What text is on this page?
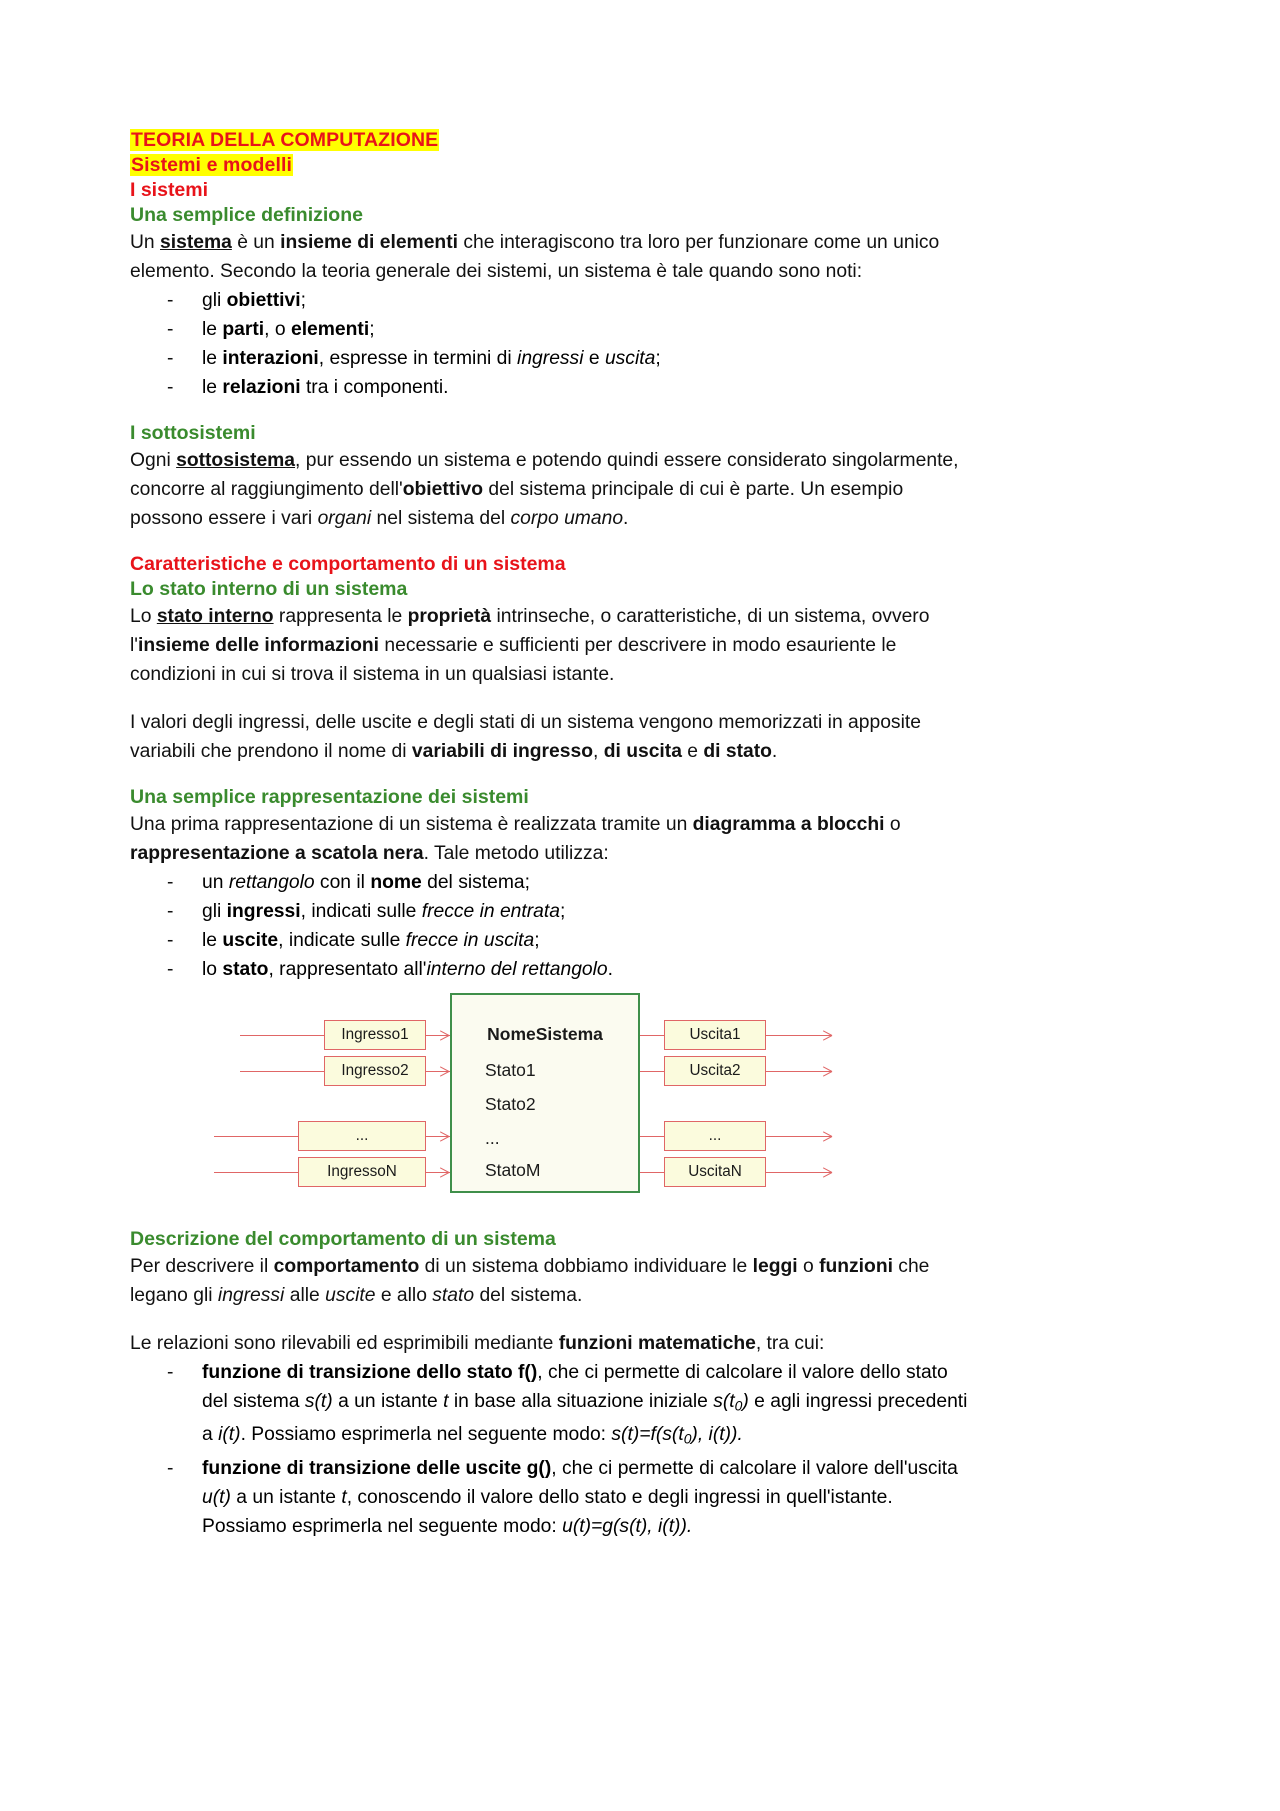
TEORIA DELLA COMPUTAZIONE
Sistemi e modelli
I sistemi
Una semplice definizione
Un sistema è un insieme di elementi che interagiscono tra loro per funzionare come un unico elemento. Secondo la teoria generale dei sistemi, un sistema è tale quando sono noti:
- gli obiettivi;
- le parti, o elementi;
- le interazioni, espresse in termini di ingressi e uscita;
- le relazioni tra i componenti.
I sottosistemi
Ogni sottosistema, pur essendo un sistema e potendo quindi essere considerato singolarmente, concorre al raggiungimento dell'obiettivo del sistema principale di cui è parte. Un esempio possono essere i vari organi nel sistema del corpo umano.
Caratteristiche e comportamento di un sistema
Lo stato interno di un sistema
Lo stato interno rappresenta le proprietà intrinseche, o caratteristiche, di un sistema, ovvero l'insieme delle informazioni necessarie e sufficienti per descrivere in modo esauriente le condizioni in cui si trova il sistema in un qualsiasi istante.
I valori degli ingressi, delle uscite e degli stati di un sistema vengono memorizzati in apposite variabili che prendono il nome di variabili di ingresso, di uscita e di stato.
Una semplice rappresentazione dei sistemi
Una prima rappresentazione di un sistema è realizzata tramite un diagramma a blocchi o rappresentazione a scatola nera. Tale metodo utilizza:
- un rettangolo con il nome del sistema;
- gli ingressi, indicati sulle frecce in entrata;
- le uscite, indicate sulle frecce in uscita;
- lo stato, rappresentato all'interno del rettangolo.
Ingresso1
Ingresso2
...
IngressoN
NomeSistema
Stato1
Stato2
...
StatoM
Uscita1
Uscita2
...
UscitaN
Descrizione del comportamento di un sistema
Per descrivere il comportamento di un sistema dobbiamo individuare le leggi o funzioni che legano gli ingressi alle uscite e allo stato del sistema.
Le relazioni sono rilevabili ed esprimibili mediante funzioni matematiche, tra cui:
- funzione di transizione dello stato f(), che ci permette di calcolare il valore dello stato del sistema s(t) a un istante t in base alla situazione iniziale $s(t_0)$ e agli ingressi precedenti a i(t). Possiamo esprimerla nel seguente modo: $s(t)=f(s(t_0)$, i(t)).
- funzione di transizione delle uscite g(), che ci permette di calcolare il valore dell'uscita u(t) a un istante t, conoscendo il valore dello stato e degli ingressi in quell'istante. Possiamo esprimerla nel seguente modo: u(t)=g(s(t), i(t)).
